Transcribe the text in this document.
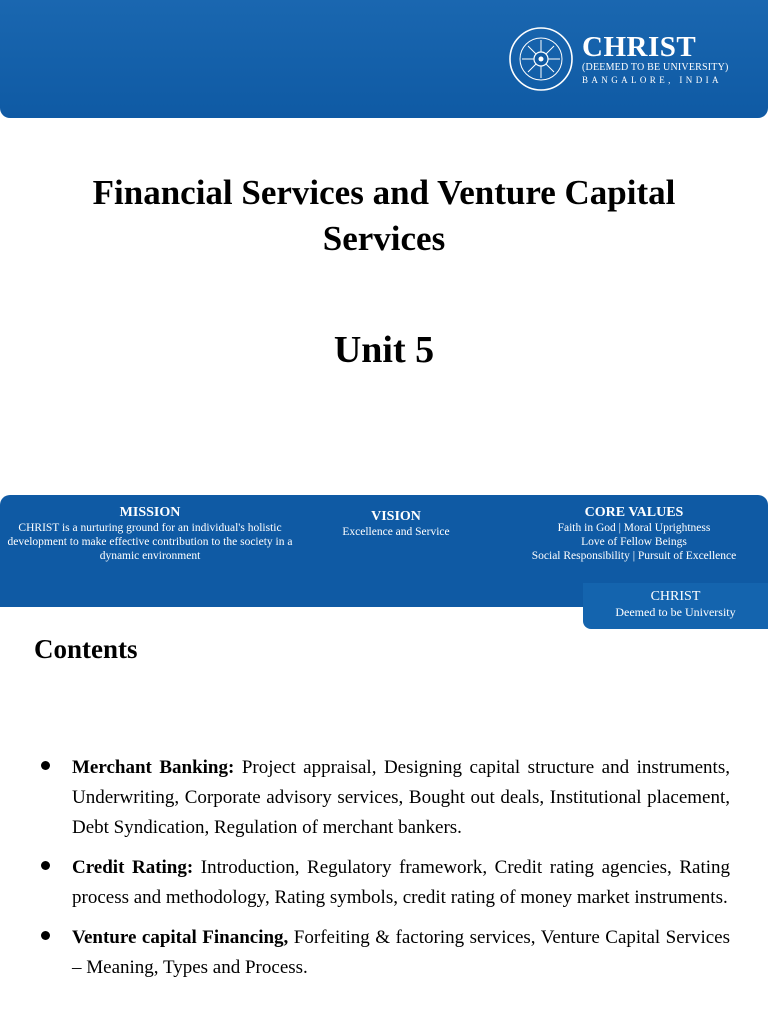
CHRIST
(DEEMED TO BE UNIVERSITY)
BANGALORE, INDIA
Financial Services and Venture Capital Services
Unit 5
MISSION
CHRIST is a nurturing ground for an individual's holistic development to make effective contribution to the society in a dynamic environment
VISION
Excellence and Service
CORE VALUES
Faith in God | Moral Uprightness
Love of Fellow Beings
Social Responsibility | Pursuit of Excellence
CHRIST
Deemed to be University
Contents
Merchant Banking: Project appraisal, Designing capital structure and instruments, Underwriting, Corporate advisory services, Bought out deals, Institutional placement, Debt Syndication, Regulation of merchant bankers.
Credit Rating: Introduction, Regulatory framework, Credit rating agencies, Rating process and methodology, Rating symbols, credit rating of money market instruments.
Venture capital Financing, Forfeiting & factoring services, Venture Capital Services – Meaning, Types and Process.
